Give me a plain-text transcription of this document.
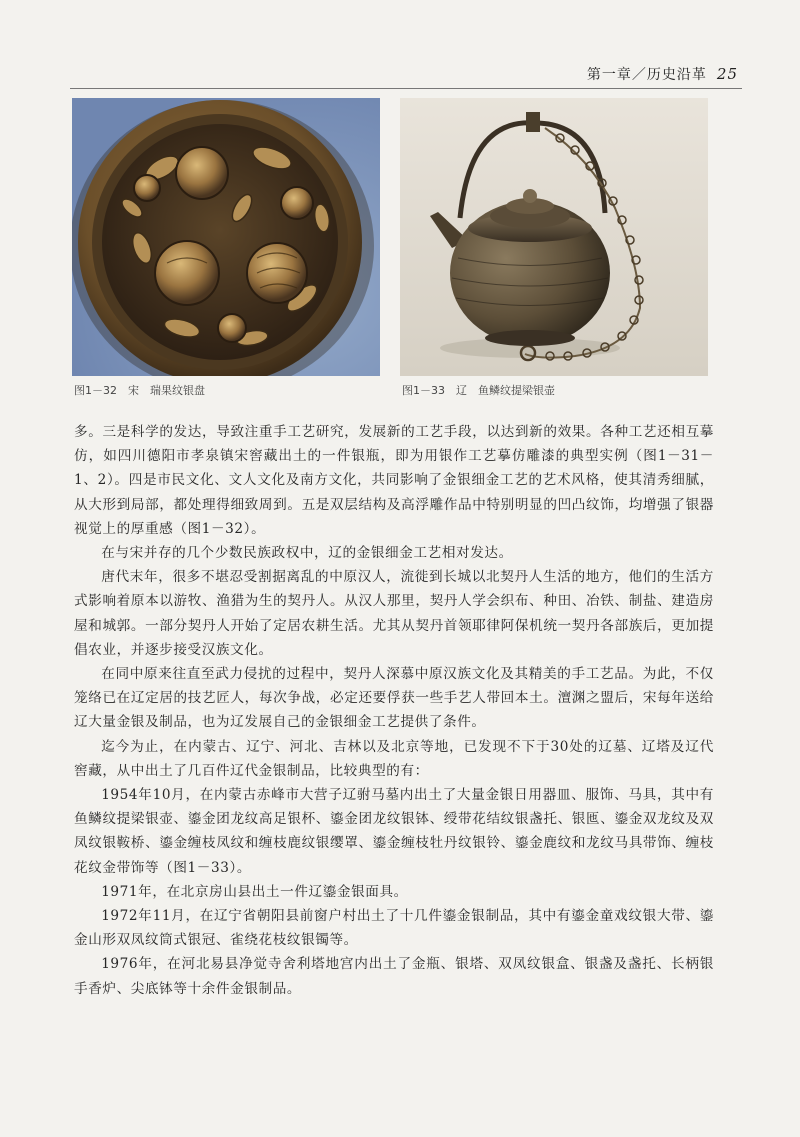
第一章／历史沿革 25
图1－32　宋　瑞果纹银盘	图1－33　辽　鱼鳞纹提梁银壶

多。三是科学的发达，导致注重手工艺研究，发展新的工艺手段，以达到新的效果。各种工艺还相互摹仿，如四川德阳市孝泉镇宋窖藏出土的一件银瓶，即为用银作工艺摹仿雕漆的典型实例（图1－31－1、2）。四是市民文化、文人文化及南方文化，共同影响了金银细金工艺的艺术风格，使其清秀细腻，从大形到局部，都处理得细致周到。五是双层结构及高浮雕作品中特别明显的凹凸纹饰，均增强了银器视觉上的厚重感（图1－32）。

在与宋并存的几个少数民族政权中，辽的金银细金工艺相对发达。

唐代末年，很多不堪忍受割据离乱的中原汉人，流徙到长城以北契丹人生活的地方，他们的生活方式影响着原本以游牧、渔猎为生的契丹人。从汉人那里，契丹人学会织布、种田、冶铁、制盐、建造房屋和城郭。一部分契丹人开始了定居农耕生活。尤其从契丹首领耶律阿保机统一契丹各部族后，更加提倡农业，并逐步接受汉族文化。

在同中原来往直至武力侵扰的过程中，契丹人深慕中原汉族文化及其精美的手工艺品。为此，不仅笼络已在辽定居的技艺匠人，每次争战，必定还要俘获一些手艺人带回本土。澶渊之盟后，宋每年送给辽大量金银及制品，也为辽发展自己的金银细金工艺提供了条件。

迄今为止，在内蒙古、辽宁、河北、吉林以及北京等地，已发现不下于30处的辽墓、辽塔及辽代窖藏，从中出土了几百件辽代金银制品，比较典型的有：

1954年10月，在内蒙古赤峰市大营子辽驸马墓内出土了大量金银日用器皿、服饰、马具，其中有鱼鳞纹提梁银壶、鎏金团龙纹高足银杯、鎏金团龙纹银钵、绶带花结纹银盏托、银匜、鎏金双龙纹及双凤纹银鞍桥、鎏金缠枝凤纹和缠枝鹿纹银缨罩、鎏金缠枝牡丹纹银铃、鎏金鹿纹和龙纹马具带饰、缠枝花纹金带饰等（图1－33）。

1971年，在北京房山县出土一件辽鎏金银面具。

1972年11月，在辽宁省朝阳县前窗户村出土了十几件鎏金银制品，其中有鎏金童戏纹银大带、鎏金山形双凤纹筒式银冠、雀绕花枝纹银镯等。

1976年，在河北易县净觉寺舍利塔地宫内出土了金瓶、银塔、双凤纹银盒、银盏及盏托、长柄银手香炉、尖底钵等十余件金银制品。
